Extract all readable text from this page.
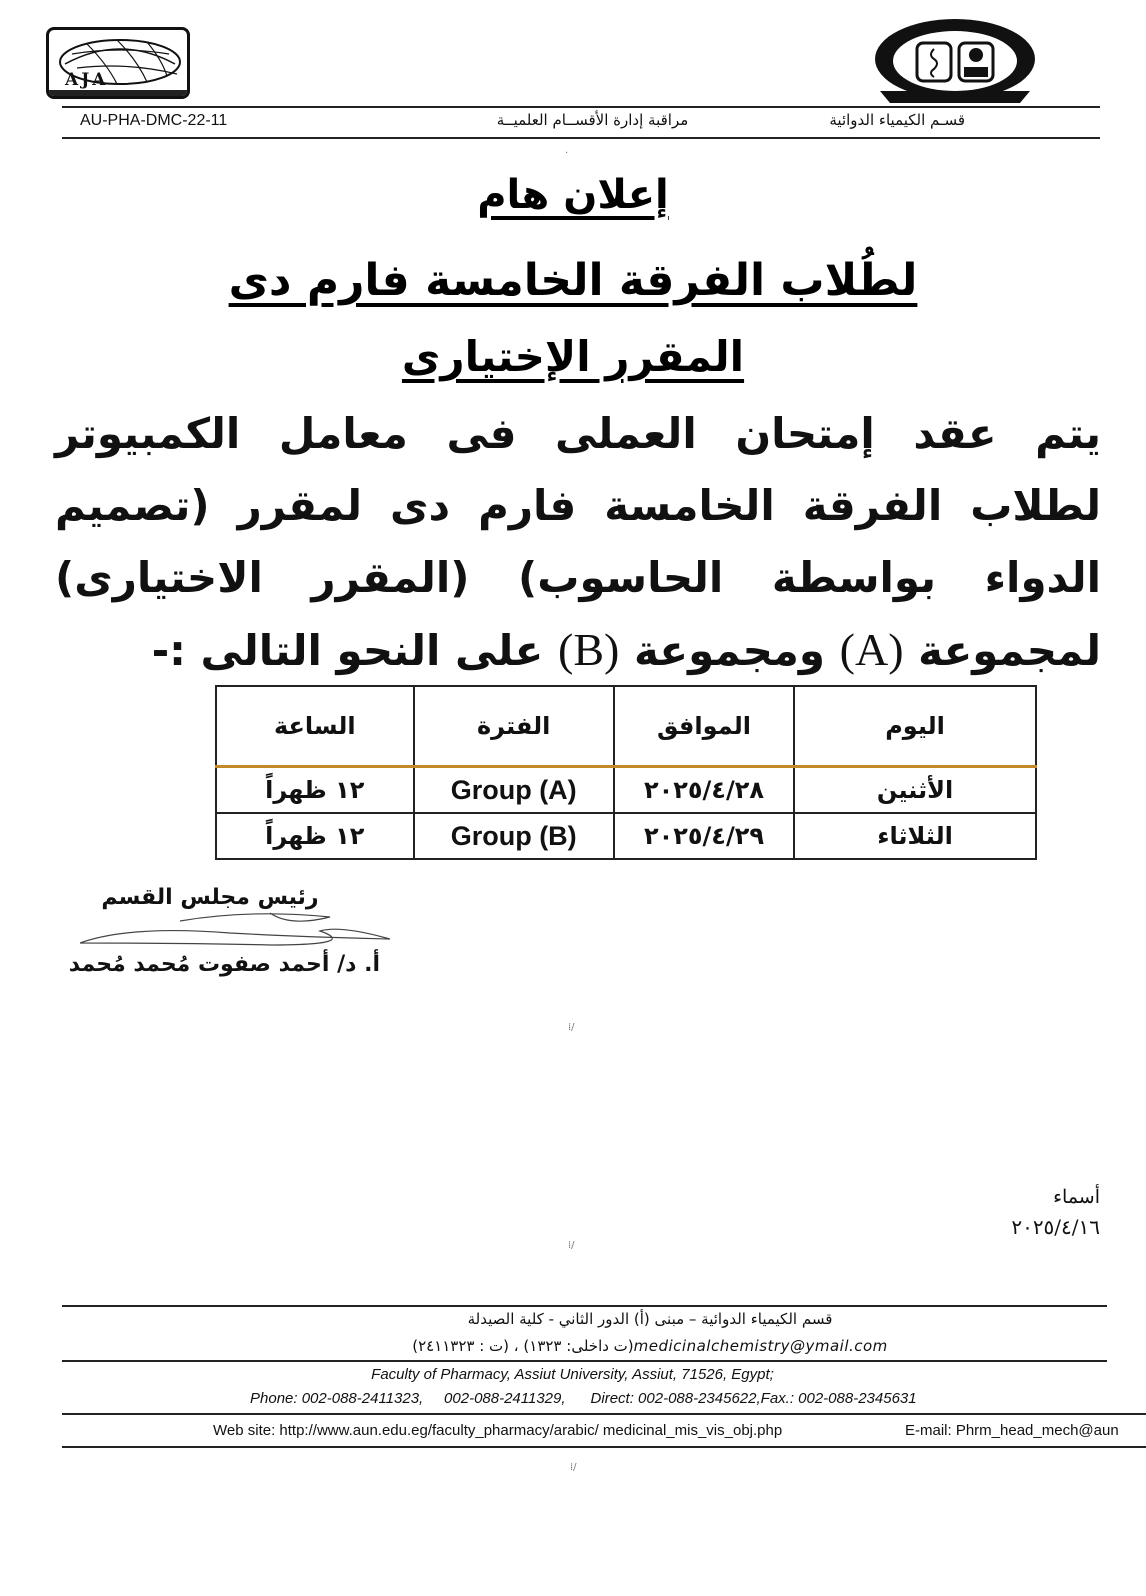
AJA
AU-PHA-DMC-22-11	مراقبة إدارة الأقســام العلميــة	قسـم الكيمياء الدوائية
·
إعلان هام
لطُلاب الفرقة الخامسة فارم دى
المقرر الإختيارى
يتم عقد إمتحان العملى فى معامل الكمبيوتر لطلاب الفرقة الخامسة فارم دى لمقرر (تصميم الدواء بواسطة الحاسوب) (المقرر الاختيارى) لمجموعة (A) ومجموعة (B) على النحو التالى :-
اليوم	الموافق	الفترة	الساعة
الأثنين	٢٠٢٥/٤/٢٨	Group (A)	١٢ ظهراً
الثلاثاء	٢٠٢٥/٤/٢٩	Group (B)	١٢ ظهراً
رئيس مجلس القسم
أ. د/ أحمد صفوت مُحمد مُحمد
⁞/
أسماء
٢٠٢٥/٤/١٦
⁞/
قسم الكيمياء الدوائية – مبنى (أ) الدور الثاني - كلية الصيدلة
medicinalchemistry@ymail.com(ت داخلى: ١٣٢٣) ، (ت : ٢٤١١٣٢٣)
Faculty of Pharmacy, Assiut University, Assiut, 71526, Egypt;
Phone: 002-088-2411323,     002-088-2411329,      Direct: 002-088-2345622,Fax.: 002-088-2345631
Web site: http://www.aun.edu.eg/faculty_pharmacy/arabic/ medicinal_mis_vis_obj.php	E-mail: Phrm_head_mech@aun
⁞/
